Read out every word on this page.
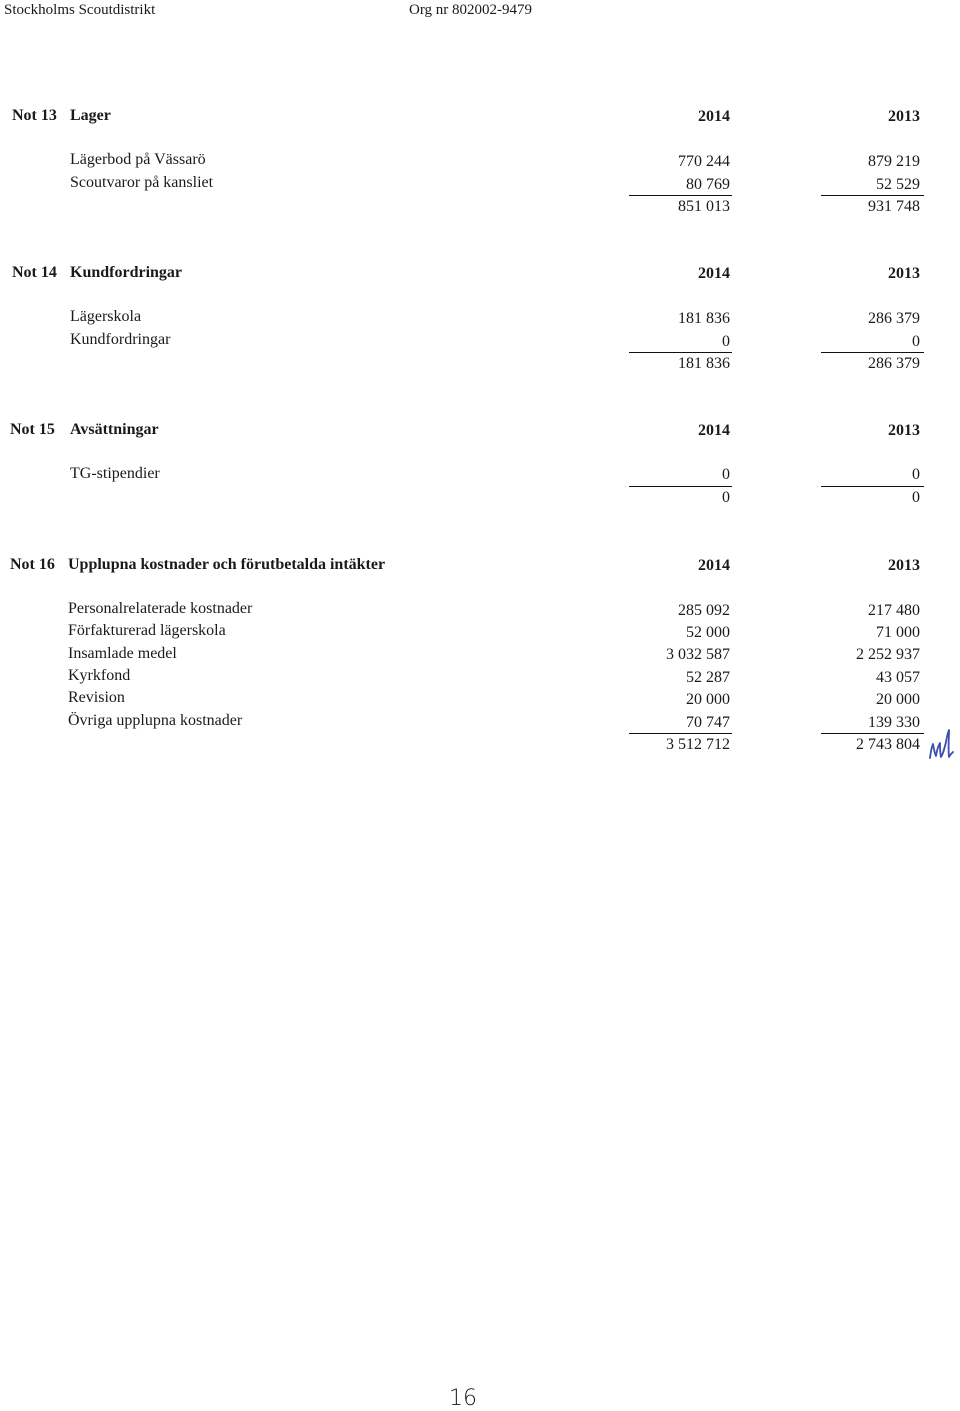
Stockholms Scoutdistrikt	Org nr 802002-9479
Not 13 Lager	2014	2013
Lägerbod på Vässarö	770 244	879 219
Scoutvaror på kansliet	80 769	52 529
851 013	931 748
Not 14 Kundfordringar	2014	2013
Lägerskola	181 836	286 379
Kundfordringar	0	0
181 836	286 379
Not 15 Avsättningar	2014	2013
TG-stipendier	0	0
0	0
Not 16 Upplupna kostnader och förutbetalda intäkter	2014	2013
Personalrelaterade kostnader	285 092	217 480
Förfakturerad lägerskola	52 000	71 000
Insamlade medel	3 032 587	2 252 937
Kyrkfond	52 287	43 057
Revision	20 000	20 000
Övriga upplupna kostnader	70 747	139 330
3 512 712	2 743 804
16
